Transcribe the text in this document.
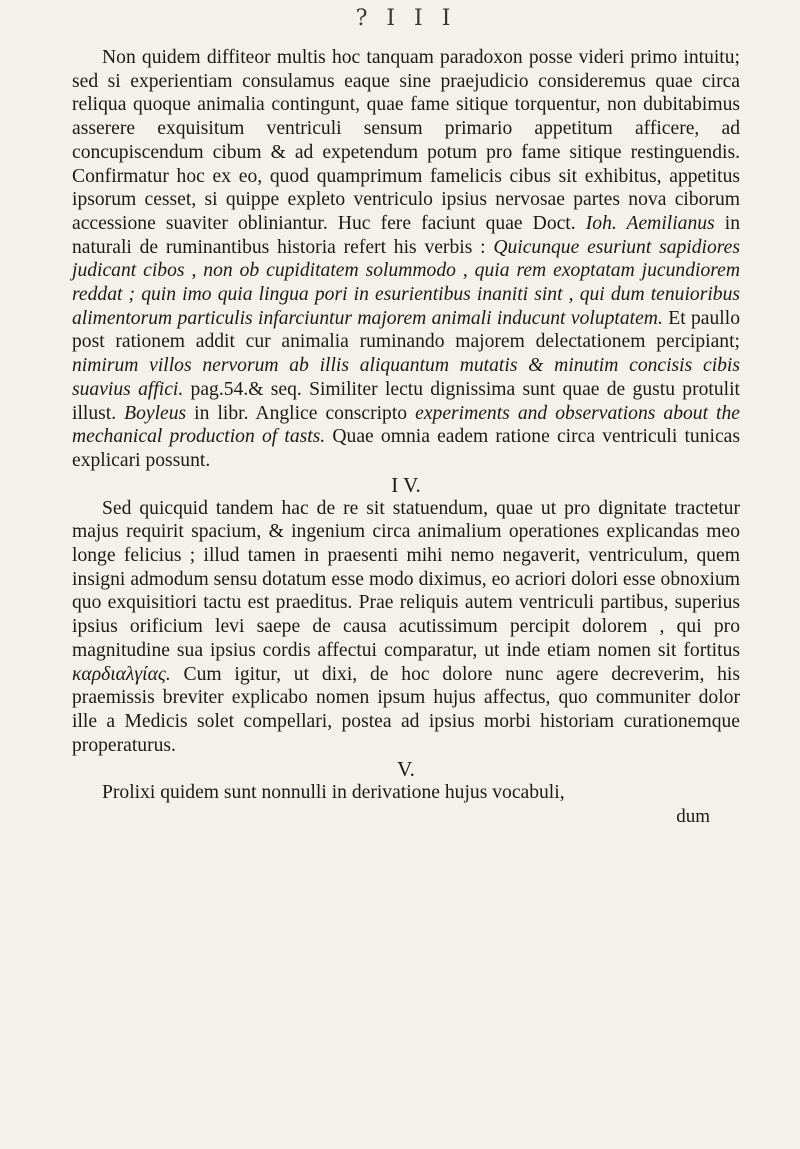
? I I I

Non quidem diffiteor multis hoc tanquam paradoxon posse videri primo intuitu; sed si experientiam consulamus eaque sine praejudicio consideremus quae circa reliqua quoque animalia contingunt, quae fame sitique torquentur, non dubitabimus asserere exquisitum ventriculi sensum primario appetitum afficere, ad concupiscendum cibum & ad expetendum potum pro fame sitique restinguendis. Confirmatur hoc ex eo, quod quamprimum famelicis cibus sit exhibitus, appetitus ipsorum cesset, si quippe expleto ventriculo ipsius nervosae partes nova ciborum accessione suaviter obliniantur. Huc fere faciunt quae Doct. Ioh. Aemilianus in naturali de ruminantibus historia refert his verbis : Quicunque esuriunt sapidiores judicant cibos , non ob cupiditatem solummodo , quia rem exoptatam jucundiorem reddat ; quin imo quia lingua pori in esurientibus inaniti sint , qui dum tenuioribus alimentorum particulis infarciuntur majorem animali inducunt voluptatem. Et paullo post rationem addit cur animalia ruminando majorem delectationem percipiant; nimirum villos nervorum ab illis aliquantum mutatis & minutim concisis cibis suavius affici. pag.54.& seq. Similiter lectu dignissima sunt quae de gustu protulit illust. Boyleus in libr. Anglice conscripto experiments and observations about the mechanical production of tasts. Quae omnia eadem ratione circa ventriculi tunicas explicari possunt.

I V.

Sed quicquid tandem hac de re sit statuendum, quae ut pro dignitate tractetur majus requirit spacium, & ingenium circa animalium operationes explicandas meo longe felicius ; illud tamen in praesenti mihi nemo negaverit, ventriculum, quem insigni admodum sensu dotatum esse modo diximus, eo acriori dolori esse obnoxium quo exquisitiori tactu est praeditus. Prae reliquis autem ventriculi partibus, superius ipsius orificium levi saepe de causa acutissimum percipit dolorem , qui pro magnitudine sua ipsius cordis affectui comparatur, ut inde etiam nomen sit fortitus καρδιαλγίας. Cum igitur, ut dixi, de hoc dolore nunc agere decreverim, his praemissis breviter explicabo nomen ipsum hujus affectus, quo communiter dolor ille a Medicis solet compellari, postea ad ipsius morbi historiam curationemque properaturus.

V.

Prolixi quidem sunt nonnulli in derivatione hujus vocabuli,

dum
